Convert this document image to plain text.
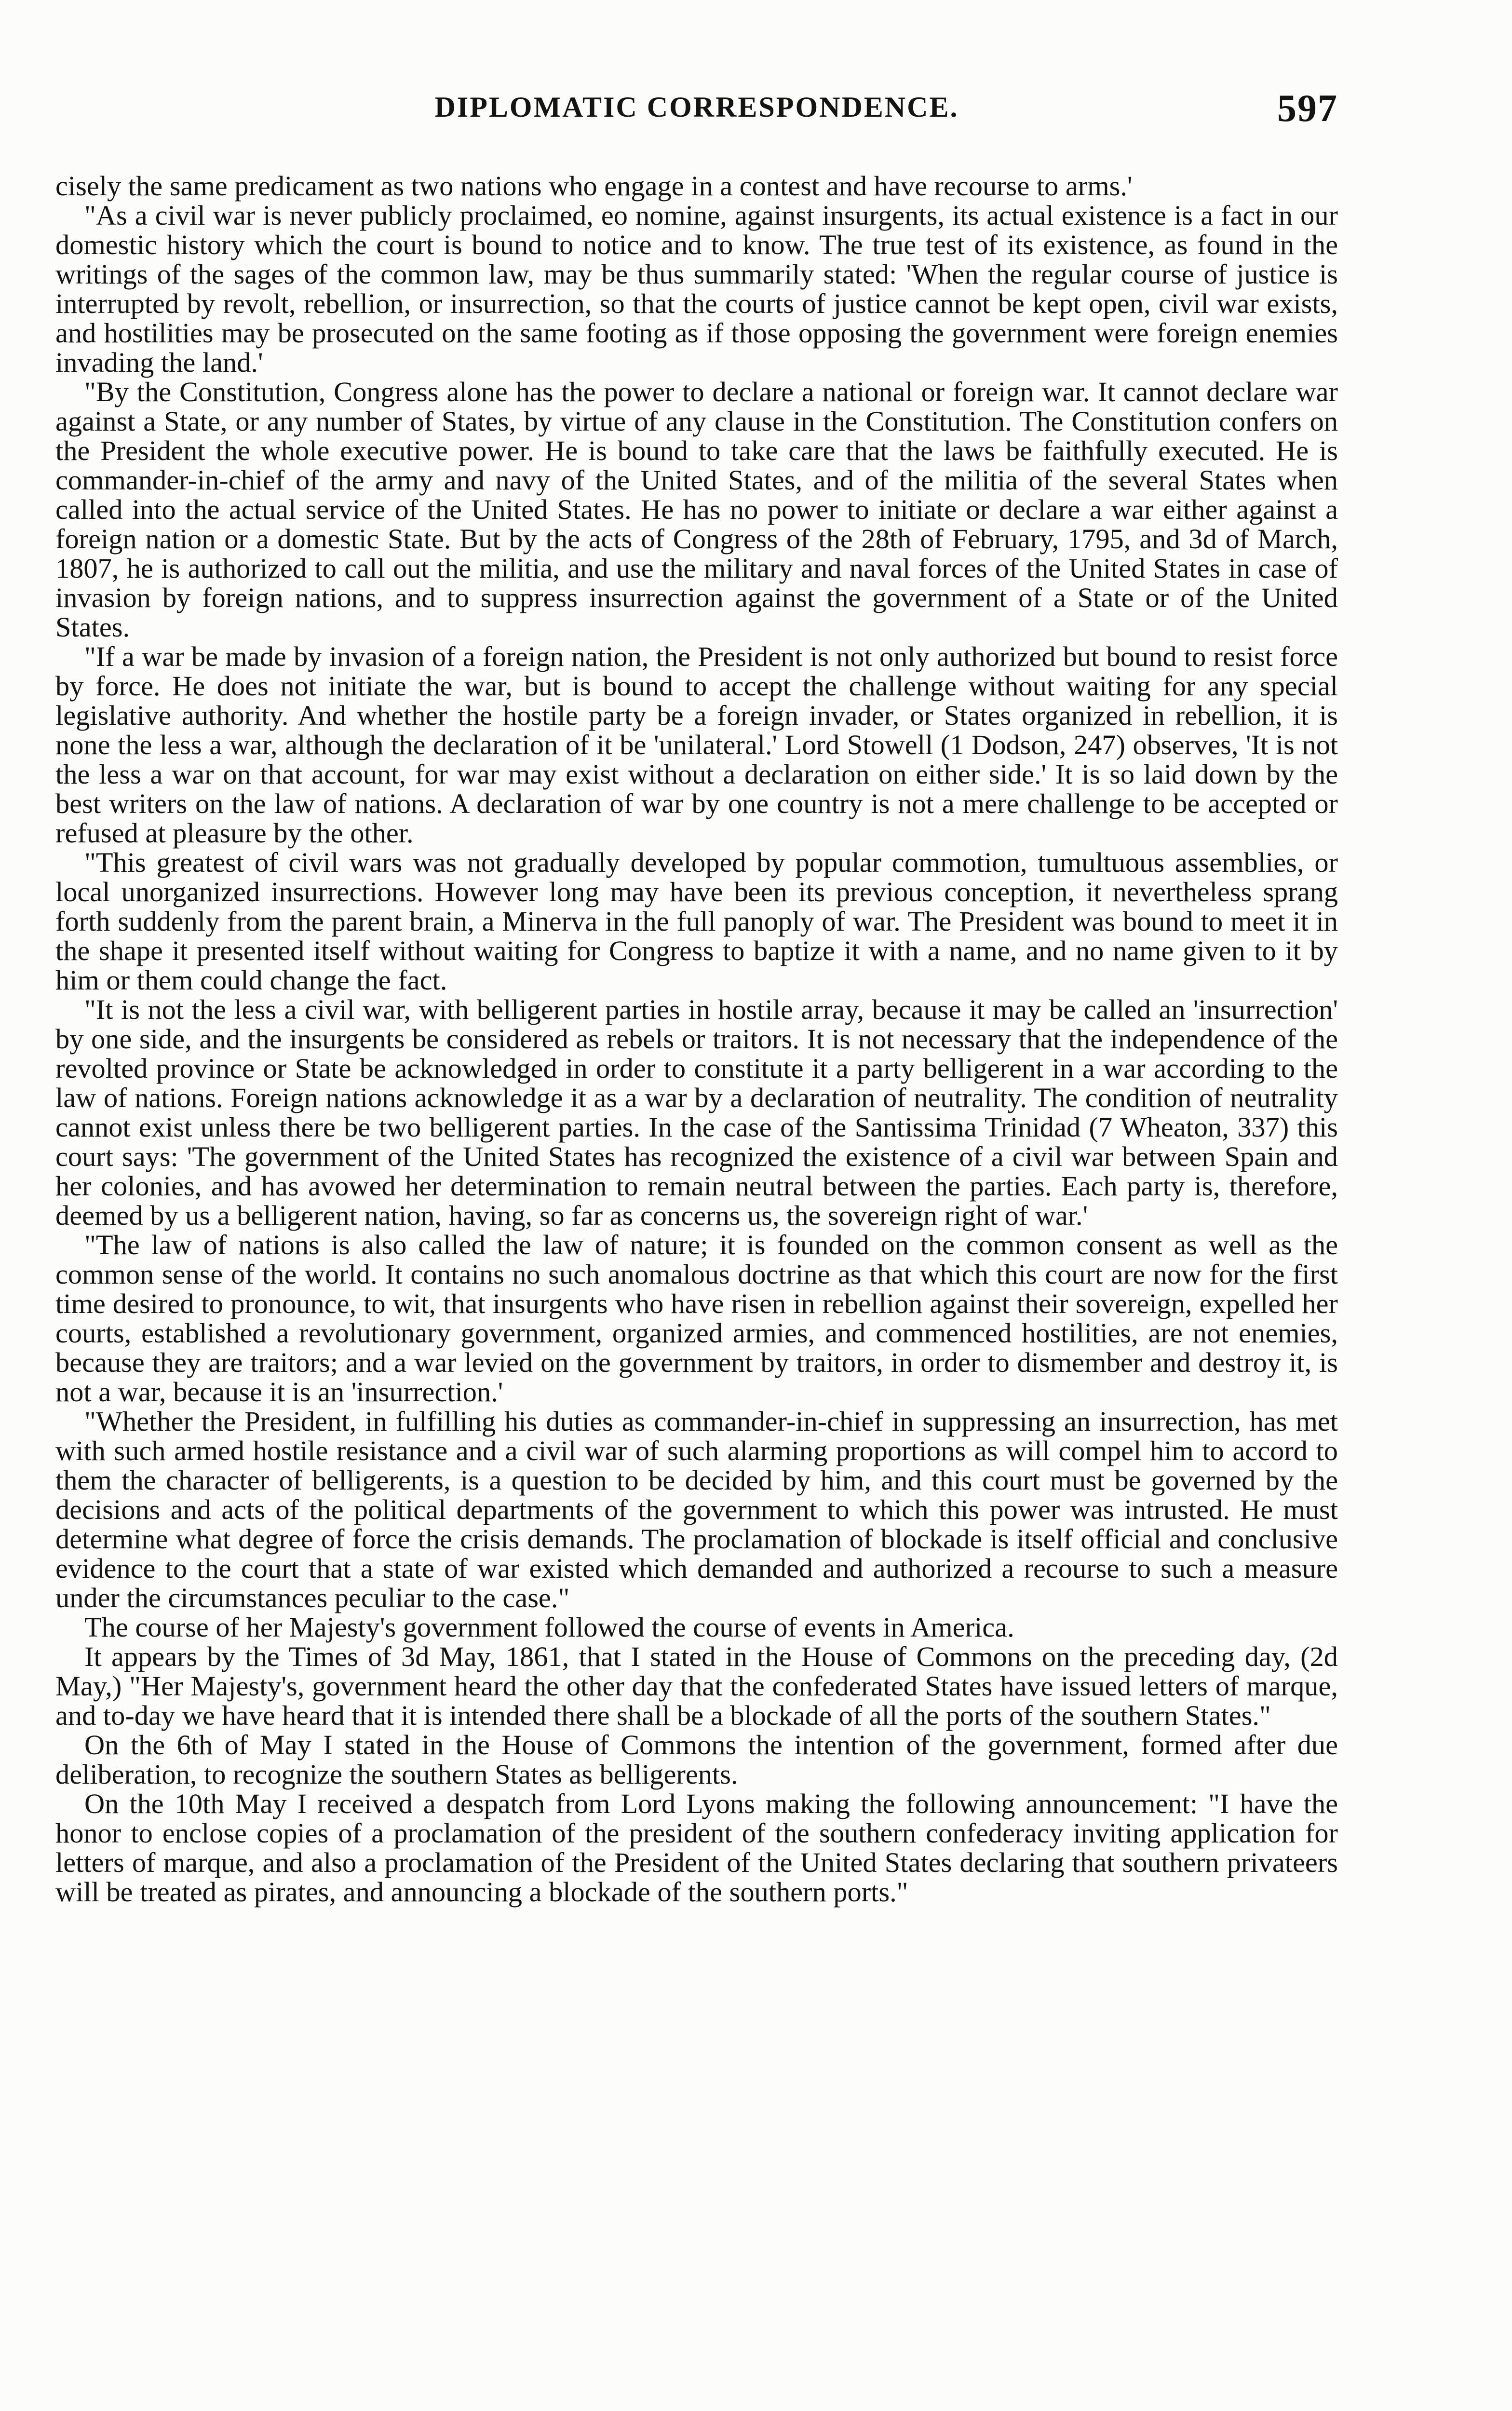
DIPLOMATIC CORRESPONDENCE.	597

cisely the same predicament as two nations who engage in a contest and have recourse to arms.'

"As a civil war is never publicly proclaimed, eo nomine, against insurgents, its actual existence is a fact in our domestic history which the court is bound to notice and to know. The true test of its existence, as found in the writings of the sages of the common law, may be thus summarily stated: 'When the regular course of justice is interrupted by revolt, rebellion, or insurrection, so that the courts of justice cannot be kept open, civil war exists, and hostilities may be prosecuted on the same footing as if those opposing the government were foreign enemies invading the land.'

"By the Constitution, Congress alone has the power to declare a national or foreign war. It cannot declare war against a State, or any number of States, by virtue of any clause in the Constitution. The Constitution confers on the President the whole executive power. He is bound to take care that the laws be faithfully executed. He is commander-in-chief of the army and navy of the United States, and of the militia of the several States when called into the actual service of the United States. He has no power to initiate or declare a war either against a foreign nation or a domestic State. But by the acts of Congress of the 28th of February, 1795, and 3d of March, 1807, he is authorized to call out the militia, and use the military and naval forces of the United States in case of invasion by foreign nations, and to suppress insurrection against the government of a State or of the United States.

"If a war be made by invasion of a foreign nation, the President is not only authorized but bound to resist force by force. He does not initiate the war, but is bound to accept the challenge without waiting for any special legislative authority. And whether the hostile party be a foreign invader, or States organized in rebellion, it is none the less a war, although the declaration of it be 'unilateral.' Lord Stowell (1 Dodson, 247) observes, 'It is not the less a war on that account, for war may exist without a declaration on either side.' It is so laid down by the best writers on the law of nations. A declaration of war by one country is not a mere challenge to be accepted or refused at pleasure by the other.

"This greatest of civil wars was not gradually developed by popular commotion, tumultuous assemblies, or local unorganized insurrections. However long may have been its previous conception, it nevertheless sprang forth suddenly from the parent brain, a Minerva in the full panoply of war. The President was bound to meet it in the shape it presented itself without waiting for Congress to baptize it with a name, and no name given to it by him or them could change the fact.

"It is not the less a civil war, with belligerent parties in hostile array, because it may be called an 'insurrection' by one side, and the insurgents be considered as rebels or traitors. It is not necessary that the independence of the revolted province or State be acknowledged in order to constitute it a party belligerent in a war according to the law of nations. Foreign nations acknowledge it as a war by a declaration of neutrality. The condition of neutrality cannot exist unless there be two belligerent parties. In the case of the Santissima Trinidad (7 Wheaton, 337) this court says: 'The government of the United States has recognized the existence of a civil war between Spain and her colonies, and has avowed her determination to remain neutral between the parties. Each party is, therefore, deemed by us a belligerent nation, having, so far as concerns us, the sovereign right of war.'

"The law of nations is also called the law of nature; it is founded on the common consent as well as the common sense of the world. It contains no such anomalous doctrine as that which this court are now for the first time desired to pronounce, to wit, that insurgents who have risen in rebellion against their sovereign, expelled her courts, established a revolutionary government, organized armies, and commenced hostilities, are not enemies, because they are traitors; and a war levied on the government by traitors, in order to dismember and destroy it, is not a war, because it is an 'insurrection.'

"Whether the President, in fulfilling his duties as commander-in-chief in suppressing an insurrection, has met with such armed hostile resistance and a civil war of such alarming proportions as will compel him to accord to them the character of belligerents, is a question to be decided by him, and this court must be governed by the decisions and acts of the political departments of the government to which this power was intrusted. He must determine what degree of force the crisis demands. The proclamation of blockade is itself official and conclusive evidence to the court that a state of war existed which demanded and authorized a recourse to such a measure under the circumstances peculiar to the case."

The course of her Majesty's government followed the course of events in America.

It appears by the Times of 3d May, 1861, that I stated in the House of Commons on the preceding day, (2d May,) "Her Majesty's, government heard the other day that the confederated States have issued letters of marque, and to-day we have heard that it is intended there shall be a blockade of all the ports of the southern States."

On the 6th of May I stated in the House of Commons the intention of the government, formed after due deliberation, to recognize the southern States as belligerents.

On the 10th May I received a despatch from Lord Lyons making the following announcement: "I have the honor to enclose copies of a proclamation of the president of the southern confederacy inviting application for letters of marque, and also a proclamation of the President of the United States declaring that southern privateers will be treated as pirates, and announcing a blockade of the southern ports."
